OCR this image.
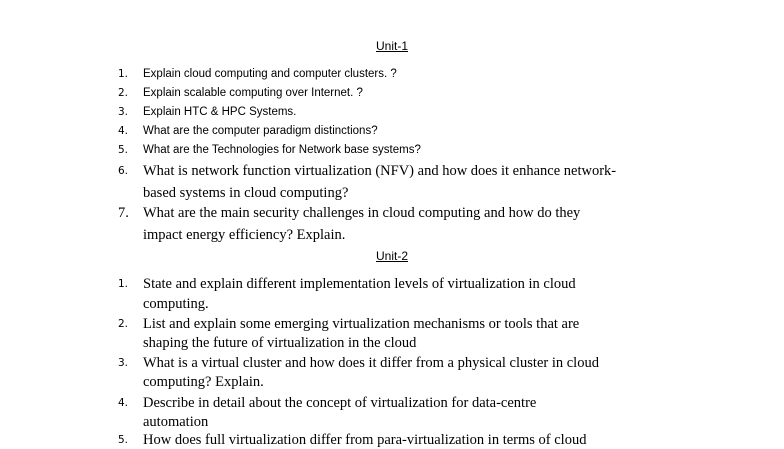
Unit-1
1.	Explain cloud computing and computer clusters. ?
2.	Explain scalable computing over Internet. ?
3.	Explain HTC & HPC Systems.
4.	What are the computer paradigm distinctions?
5.	What are the Technologies for Network base systems?
6.	What is network function virtualization (NFV) and how does it enhance network-
based systems in cloud computing?
7. What are the main security challenges in cloud computing and how do they
impact energy efficiency? Explain.
Unit-2
1.	State and explain different implementation levels of virtualization in cloud
computing.
2.	List and explain some emerging virtualization mechanisms or tools that are
shaping the future of virtualization in the cloud
3.	What is a virtual cluster and how does it differ from a physical cluster in cloud
computing? Explain.
4.	Describe in detail about the concept of virtualization for data-centre
automation
5.	How does full virtualization differ from para-virtualization in terms of cloud
